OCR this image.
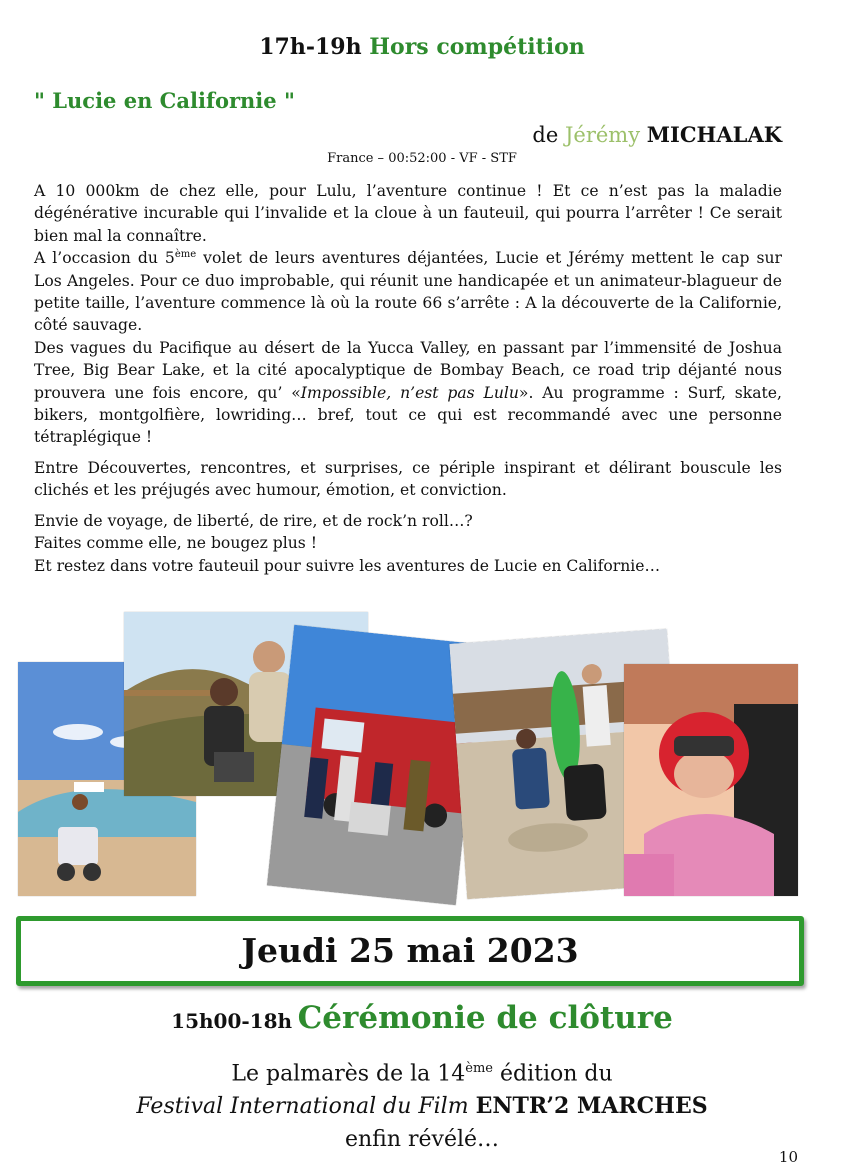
17h-19h Hors compétition
" Lucie en Californie "
de Jérémy MICHALAK
France – 00:52:00 - VF - STF

A 10 000km de chez elle, pour Lulu, l’aventure continue ! Et ce n’est pas la maladie dégénérative incurable qui l’invalide et la cloue à un fauteuil, qui pourra l’arrêter ! Ce serait bien mal la connaître.
A l’occasion du 5ème volet de leurs aventures déjantées, Lucie et Jérémy mettent le cap sur Los Angeles. Pour ce duo improbable, qui réunit une handicapée et un animateur-blagueur de petite taille, l’aventure commence là où la route 66 s’arrête : A la découverte de la Californie, côté sauvage.
Des vagues du Pacifique au désert de la Yucca Valley, en passant par l’immensité de Joshua Tree, Big Bear Lake, et la cité apocalyptique de Bombay Beach, ce road trip déjanté nous prouvera une fois encore, qu’ «Impossible, n’est pas Lulu». Au programme : Surf, skate, bikers, montgolfière, lowriding… bref, tout ce qui est recommandé avec une personne tétraplégique !

Entre Découvertes, rencontres, et surprises, ce périple inspirant et délirant bouscule les clichés et les préjugés avec humour, émotion, et conviction.

Envie de voyage, de liberté, de rire, et de rock’n roll…?
Faites comme elle, ne bougez plus !
Et restez dans votre fauteuil pour suivre les aventures de Lucie en Californie…

Jeudi 25 mai 2023
15h00-18h Cérémonie de clôture
Le palmarès de la 14ème édition du
Festival International du Film ENTR’2 MARCHES
enfin révélé…
10
